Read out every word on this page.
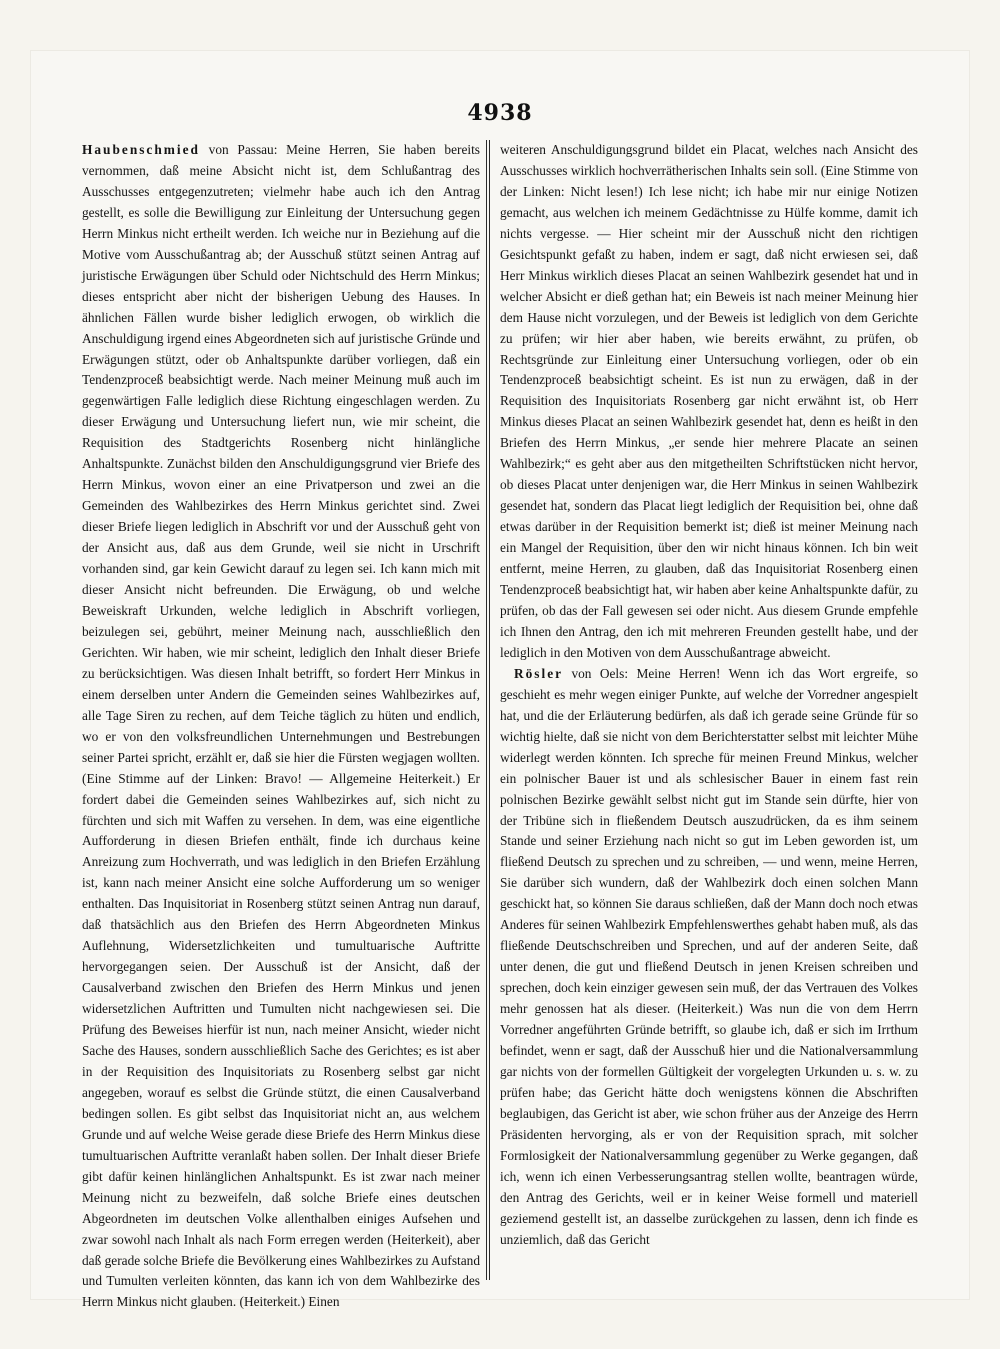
4938

Haubenschmied von Passau: Meine Herren, Sie haben bereits vernommen, daß meine Absicht nicht ist, dem Schlußantrag des Ausschusses entgegenzutreten; vielmehr habe auch ich den Antrag gestellt, es solle die Bewilligung zur Einleitung der Untersuchung gegen Herrn Minkus nicht ertheilt werden. Ich weiche nur in Beziehung auf die Motive vom Ausschußantrag ab; der Ausschuß stützt seinen Antrag auf juristische Erwägungen über Schuld oder Nichtschuld des Herrn Minkus; dieses entspricht aber nicht der bisherigen Uebung des Hauses. In ähnlichen Fällen wurde bisher lediglich erwogen, ob wirklich die Anschuldigung irgend eines Abgeordneten sich auf juristische Gründe und Erwägungen stützt, oder ob Anhaltspunkte darüber vorliegen, daß ein Tendenzproceß beabsichtigt werde. Nach meiner Meinung muß auch im gegenwärtigen Falle lediglich diese Richtung eingeschlagen werden. Zu dieser Erwägung und Untersuchung liefert nun, wie mir scheint, die Requisition des Stadtgerichts Rosenberg nicht hinlängliche Anhaltspunkte. Zunächst bilden den Anschuldigungsgrund vier Briefe des Herrn Minkus, wovon einer an eine Privatperson und zwei an die Gemeinden des Wahlbezirkes des Herrn Minkus gerichtet sind. Zwei dieser Briefe liegen lediglich in Abschrift vor und der Ausschuß geht von der Ansicht aus, daß aus dem Grunde, weil sie nicht in Urschrift vorhanden sind, gar kein Gewicht darauf zu legen sei. Ich kann mich mit dieser Ansicht nicht befreunden. Die Erwägung, ob und welche Beweiskraft Urkunden, welche lediglich in Abschrift vorliegen, beizulegen sei, gebührt, meiner Meinung nach, ausschließlich den Gerichten. Wir haben, wie mir scheint, lediglich den Inhalt dieser Briefe zu berücksichtigen. Was diesen Inhalt betrifft, so fordert Herr Minkus in einem derselben unter Andern die Gemeinden seines Wahlbezirkes auf, alle Tage Siren zu rechen, auf dem Teiche täglich zu hüten und endlich, wo er von den volksfreundlichen Unternehmungen und Bestrebungen seiner Partei spricht, erzählt er, daß sie hier die Fürsten wegjagen wollten. (Eine Stimme auf der Linken: Bravo! — Allgemeine Heiterkeit.) Er fordert dabei die Gemeinden seines Wahlbezirkes auf, sich nicht zu fürchten und sich mit Waffen zu versehen. In dem, was eine eigentliche Aufforderung in diesen Briefen enthält, finde ich durchaus keine Anreizung zum Hochverrath, und was lediglich in den Briefen Erzählung ist, kann nach meiner Ansicht eine solche Aufforderung um so weniger enthalten. Das Inquisitoriat in Rosenberg stützt seinen Antrag nun darauf, daß thatsächlich aus den Briefen des Herrn Abgeordneten Minkus Auflehnung, Widersetzlichkeiten und tumultuarische Auftritte hervorgegangen seien. Der Ausschuß ist der Ansicht, daß der Causalverband zwischen den Briefen des Herrn Minkus und jenen widersetzlichen Auftritten und Tumulten nicht nachgewiesen sei. Die Prüfung des Beweises hierfür ist nun, nach meiner Ansicht, wieder nicht Sache des Hauses, sondern ausschließlich Sache des Gerichtes; es ist aber in der Requisition des Inquisitoriats zu Rosenberg selbst gar nicht angegeben, worauf es selbst die Gründe stützt, die einen Causalverband bedingen sollen. Es gibt selbst das Inquisitoriat nicht an, aus welchem Grunde und auf welche Weise gerade diese Briefe des Herrn Minkus diese tumultuarischen Auftritte veranlaßt haben sollen. Der Inhalt dieser Briefe gibt dafür keinen hinlänglichen Anhaltspunkt. Es ist zwar nach meiner Meinung nicht zu bezweifeln, daß solche Briefe eines deutschen Abgeordneten im deutschen Volke allenthalben einiges Aufsehen und zwar sowohl nach Inhalt als nach Form erregen werden (Heiterkeit), aber daß gerade solche Briefe die Bevölkerung eines Wahlbezirkes zu Aufstand und Tumulten verleiten könnten, das kann ich von dem Wahlbezirke des Herrn Minkus nicht glauben. (Heiterkeit.) Einen

weiteren Anschuldigungsgrund bildet ein Placat, welches nach Ansicht des Ausschusses wirklich hochverrätherischen Inhalts sein soll. (Eine Stimme von der Linken: Nicht lesen!) Ich lese nicht; ich habe mir nur einige Notizen gemacht, aus welchen ich meinem Gedächtnisse zu Hülfe komme, damit ich nichts vergesse. — Hier scheint mir der Ausschuß nicht den richtigen Gesichtspunkt gefaßt zu haben, indem er sagt, daß nicht erwiesen sei, daß Herr Minkus wirklich dieses Placat an seinen Wahlbezirk gesendet hat und in welcher Absicht er dieß gethan hat; ein Beweis ist nach meiner Meinung hier dem Hause nicht vorzulegen, und der Beweis ist lediglich von dem Gerichte zu prüfen; wir hier aber haben, wie bereits erwähnt, zu prüfen, ob Rechtsgründe zur Einleitung einer Untersuchung vorliegen, oder ob ein Tendenzproceß beabsichtigt scheint. Es ist nun zu erwägen, daß in der Requisition des Inquisitoriats Rosenberg gar nicht erwähnt ist, ob Herr Minkus dieses Placat an seinen Wahlbezirk gesendet hat, denn es heißt in den Briefen des Herrn Minkus, „er sende hier mehrere Placate an seinen Wahlbezirk;“ es geht aber aus den mitgetheilten Schriftstücken nicht hervor, ob dieses Placat unter denjenigen war, die Herr Minkus in seinen Wahlbezirk gesendet hat, sondern das Placat liegt lediglich der Requisition bei, ohne daß etwas darüber in der Requisition bemerkt ist; dieß ist meiner Meinung nach ein Mangel der Requisition, über den wir nicht hinaus können. Ich bin weit entfernt, meine Herren, zu glauben, daß das Inquisitoriat Rosenberg einen Tendenzproceß beabsichtigt hat, wir haben aber keine Anhaltspunkte dafür, zu prüfen, ob das der Fall gewesen sei oder nicht. Aus diesem Grunde empfehle ich Ihnen den Antrag, den ich mit mehreren Freunden gestellt habe, und der lediglich in den Motiven von dem Ausschußantrage abweicht.

Rösler von Oels: Meine Herren! Wenn ich das Wort ergreife, so geschieht es mehr wegen einiger Punkte, auf welche der Vorredner angespielt hat, und die der Erläuterung bedürfen, als daß ich gerade seine Gründe für so wichtig hielte, daß sie nicht von dem Berichterstatter selbst mit leichter Mühe widerlegt werden könnten. Ich spreche für meinen Freund Minkus, welcher ein polnischer Bauer ist und als schlesischer Bauer in einem fast rein polnischen Bezirke gewählt selbst nicht gut im Stande sein dürfte, hier von der Tribüne sich in fließendem Deutsch auszudrücken, da es ihm seinem Stande und seiner Erziehung nach nicht so gut im Leben geworden ist, um fließend Deutsch zu sprechen und zu schreiben, — und wenn, meine Herren, Sie darüber sich wundern, daß der Wahlbezirk doch einen solchen Mann geschickt hat, so können Sie daraus schließen, daß der Mann doch noch etwas Anderes für seinen Wahlbezirk Empfehlenswerthes gehabt haben muß, als das fließende Deutschschreiben und Sprechen, und auf der anderen Seite, daß unter denen, die gut und fließend Deutsch in jenen Kreisen schreiben und sprechen, doch kein einziger gewesen sein muß, der das Vertrauen des Volkes mehr genossen hat als dieser. (Heiterkeit.) Was nun die von dem Herrn Vorredner angeführten Gründe betrifft, so glaube ich, daß er sich im Irrthum befindet, wenn er sagt, daß der Ausschuß hier und die Nationalversammlung gar nichts von der formellen Gültigkeit der vorgelegten Urkunden u. s. w. zu prüfen habe; das Gericht hätte doch wenigstens können die Abschriften beglaubigen, das Gericht ist aber, wie schon früher aus der Anzeige des Herrn Präsidenten hervorging, als er von der Requisition sprach, mit solcher Formlosigkeit der Nationalversammlung gegenüber zu Werke gegangen, daß ich, wenn ich einen Verbesserungsantrag stellen wollte, beantragen würde, den Antrag des Gerichts, weil er in keiner Weise formell und materiell geziemend gestellt ist, an dasselbe zurückgehen zu lassen, denn ich finde es unziemlich, daß das Gericht
